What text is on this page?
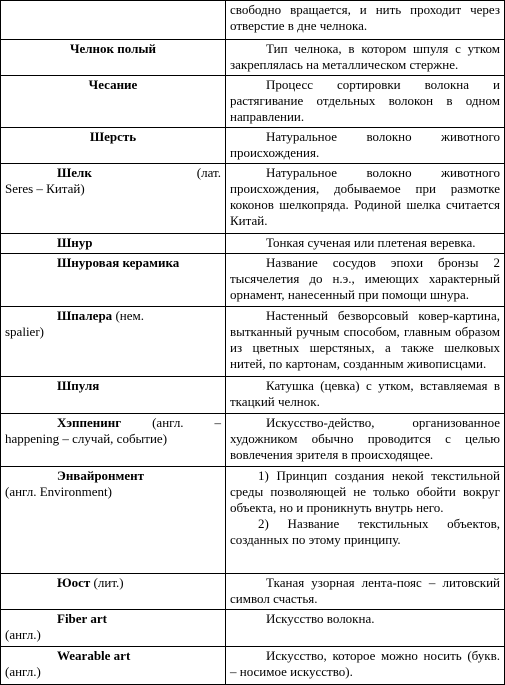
	свободно вращается, и нить проходит через отверстие в дне челнока.
Челнок полый	Тип челнока, в котором шпуля с утком закреплялась на металлическом стержне.

Чесание	Процесс сортировки волокна и растягивание отдельных волокон в одном направлении.

Шерсть	Натуральное волокно животного происхождения.

Шелк (лат.
Seres – Китай)	Натуральное волокно животного происхождения, добываемое при размотке коконов шелкопряда. Родиной шелка считается Китай.

Шнур	Тонкая сученая или плетеная веревка.

Шнуровая керамика	Название сосудов эпохи бронзы 2 тысячелетия до н.э., имеющих характерный орнамент, нанесенный при помощи шнура.

Шпалера (нем.
spalier)	Настенный безворсовый ковер-картина, вытканный ручным способом, главным образом из цветных шерстяных, а также шелковых нитей, по картонам, созданным живописцами.

Шпуля	Катушка (цевка) с утком, вставляемая в ткацкий челнок.

Хэппенинг (англ. – happening – случай, событие)	Искусство-действо, организованное художником обычно проводится с целью вовлечения зрителя в происходящее.

Энвайронмент
(англ. Environment)	1) Принцип создания некой текстильной среды позволяющей не только обойти вокруг объекта, но и проникнуть внутрь него.
2) Название текстильных объектов, созданных по этому принципу.

Юост (лит.)	Тканая узорная лента-пояс – литовский символ счастья.

Fiber art
(англ.)	Искусство волокна.

Wearable art
(англ.)	Искусство, которое можно носить (букв. – носимое искусство).
